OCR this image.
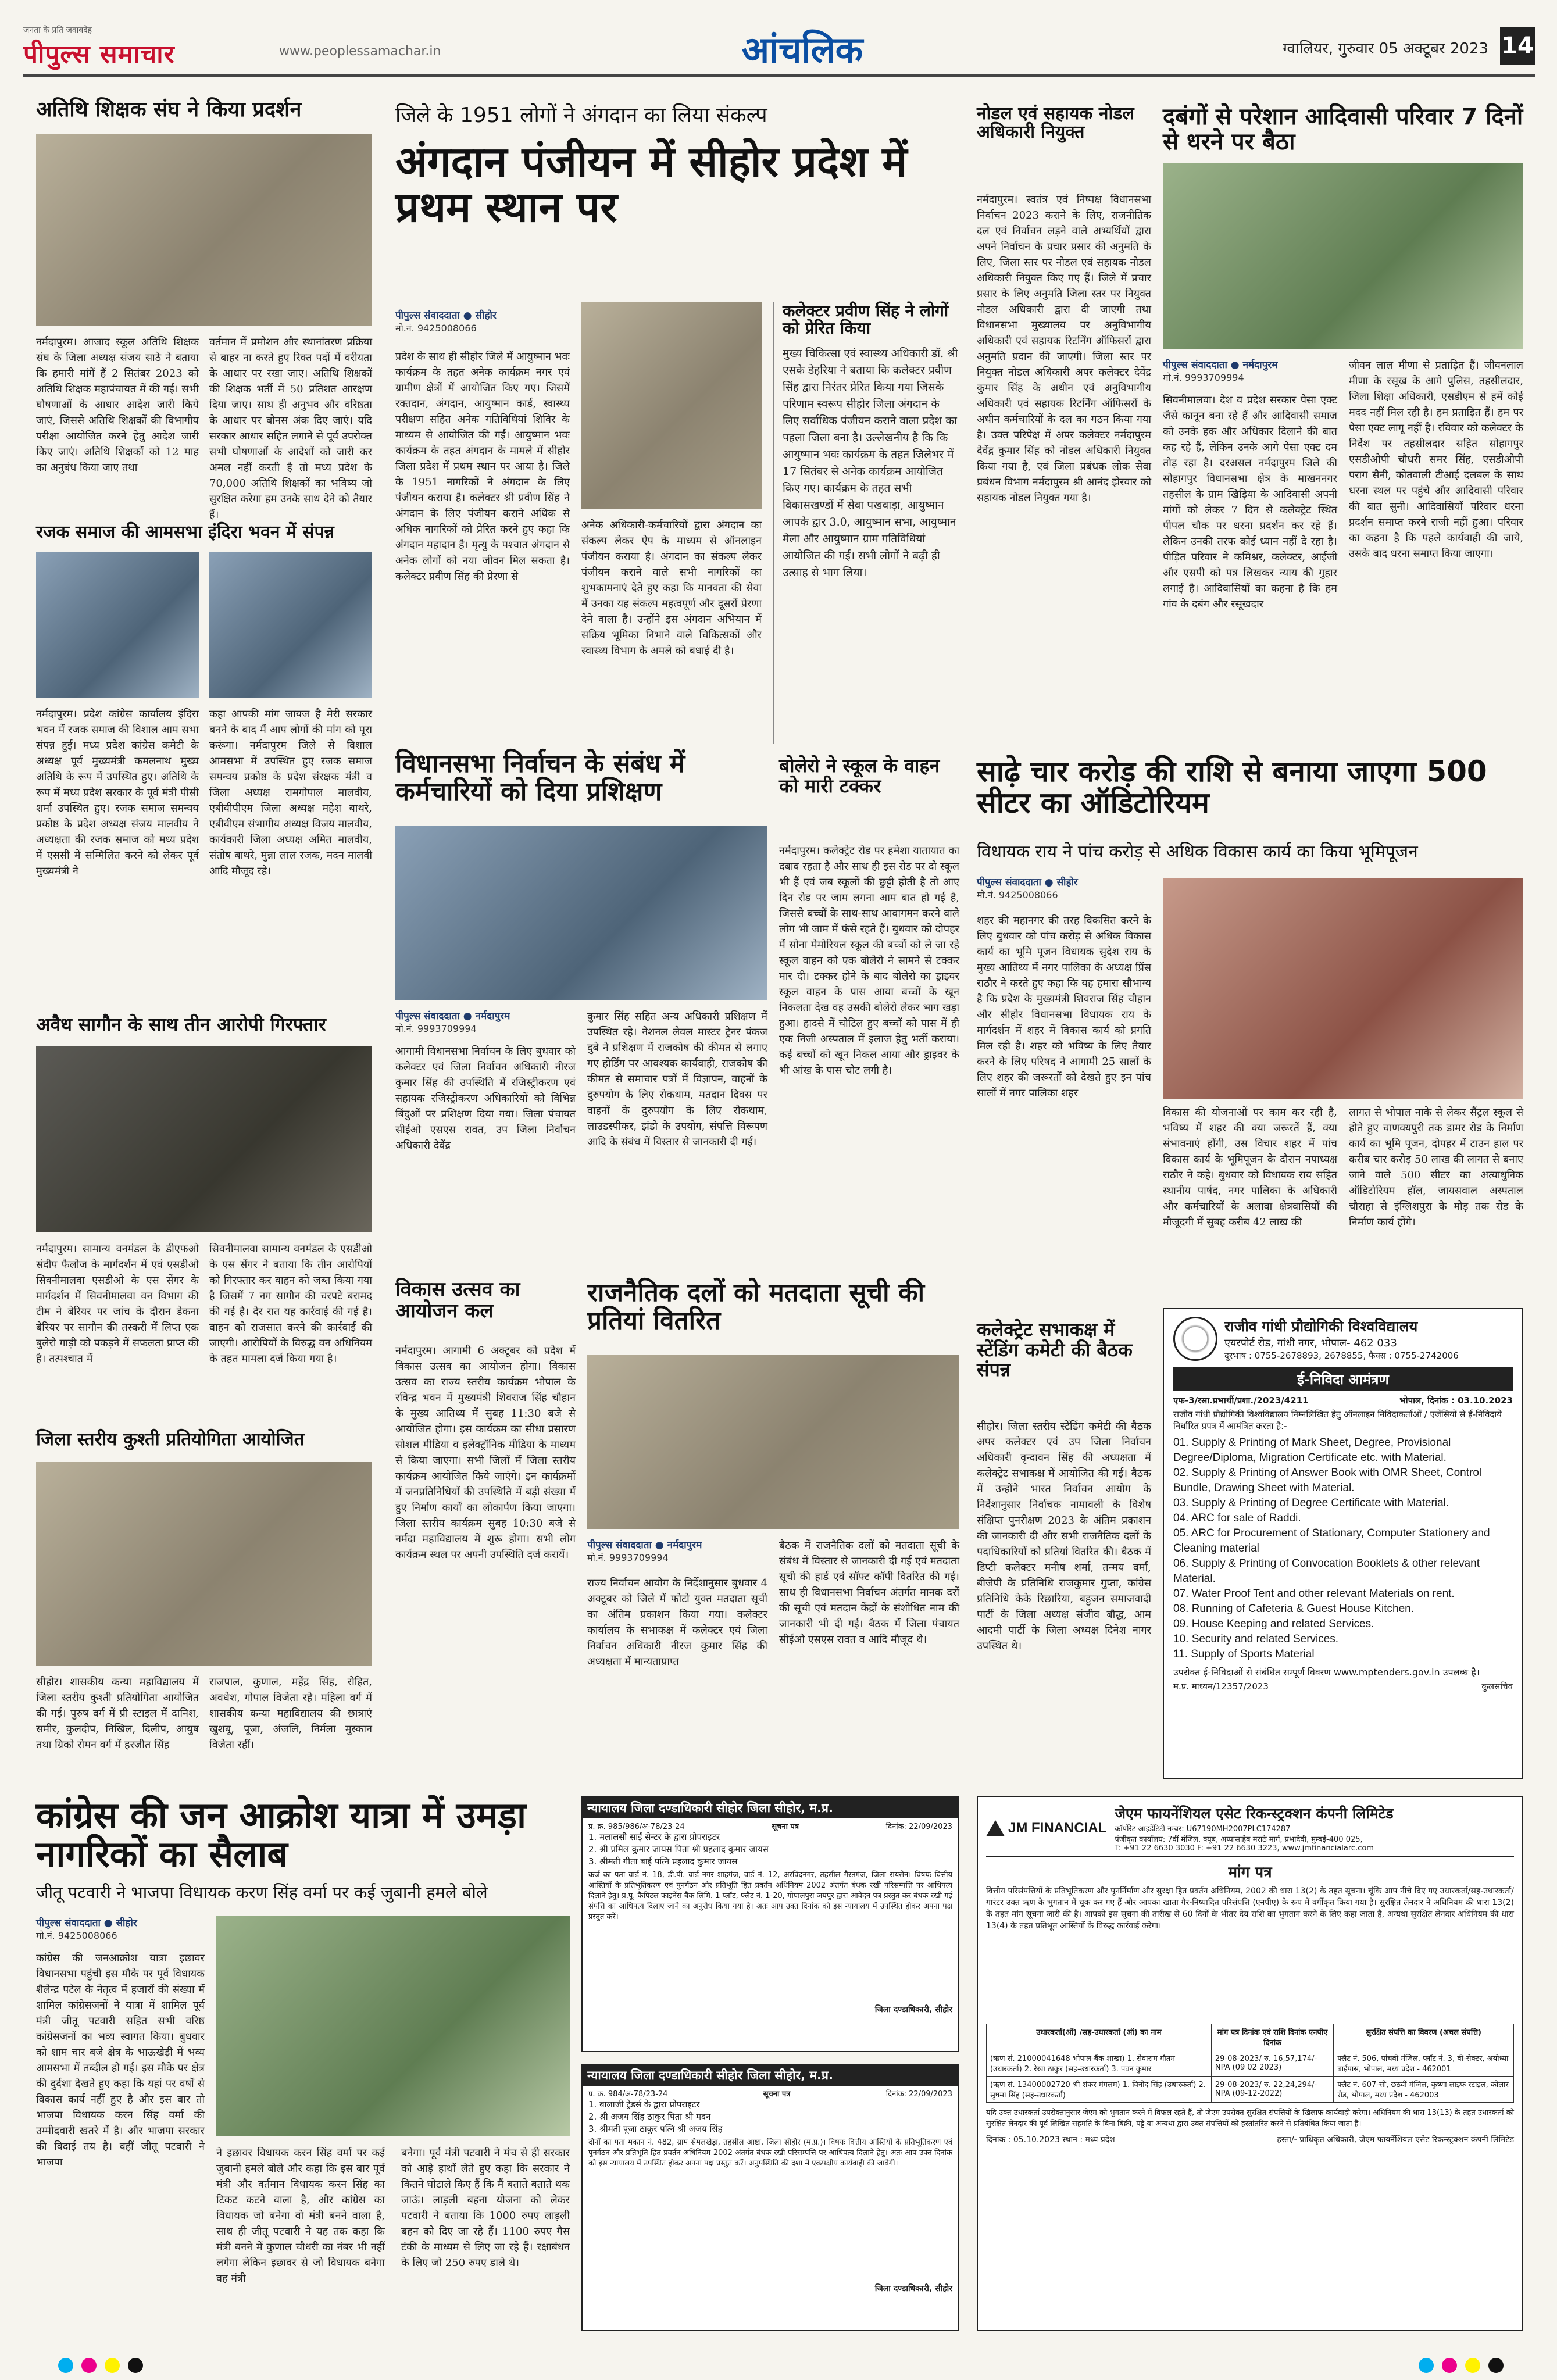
जनता के प्रति जवाबदेह
पीपुल्स समाचार	www.peoplessamachar.in	आंचलिक	ग्वालियर, गुरुवार 05 अक्टूबर 2023 14
अतिथि शिक्षक संघ ने किया प्रदर्शन
नर्मदापुरम। आजाद स्कूल अतिथि शिक्षक संघ के जिला अध्यक्ष संजय साठे ने बताया कि हमारी मांगें हैं 2 सितंबर 2023 को अतिथि शिक्षक महापंचायत में की गई। सभी घोषणाओं के आधार आदेश जारी किये जाएं, जिससे अतिथि शिक्षकों की विभागीय परीक्षा आयोजित करने हेतु आदेश जारी किए जाएं। अतिथि शिक्षकों को 12 माह का अनुबंध किया जाए तथा
वर्तमान में प्रमोशन और स्थानांतरण प्रक्रिया से बाहर ना करते हुए रिक्त पदों में वरीयता के आधार पर रखा जाए। अतिथि शिक्षकों की शिक्षक भर्ती में 50 प्रतिशत आरक्षण दिया जाए। साथ ही अनुभव और वरिष्ठता के आधार पर बोनस अंक दिए जाएं। यदि सरकार आधार सहित लगाने से पूर्व उपरोक्त सभी घोषणाओं के आदेशों को जारी कर अमल नहीं करती है तो मध्य प्रदेश के 70,000 अतिथि शिक्षकों का भविष्य जो सुरक्षित करेगा हम उनके साथ देने को तैयार हैं।
रजक समाज की आमसभा इंदिरा भवन में संपन्न
नर्मदापुरम। प्रदेश कांग्रेस कार्यालय इंदिरा भवन में रजक समाज की विशाल आम सभा संपन्न हुई। मध्य प्रदेश कांग्रेस कमेटी के अध्यक्ष पूर्व मुख्यमंत्री कमलनाथ मुख्य अतिथि के रूप में उपस्थित हुए। अतिथि के रूप में मध्य प्रदेश सरकार के पूर्व मंत्री पीसी शर्मा उपस्थित हुए। रजक समाज समन्वय प्रकोष्ठ के प्रदेश अध्यक्ष संजय मालवीय ने अध्यक्षता की रजक समाज को मध्य प्रदेश में एससी में सम्मिलित करने को लेकर पूर्व मुख्यमंत्री ने
कहा आपकी मांग जायज है मेरी सरकार बनने के बाद मैं आप लोगों की मांग को पूरा करूंगा। नर्मदापुरम जिले से विशाल आमसभा में उपस्थित हुए रजक समाज समन्वय प्रकोष्ठ के प्रदेश संरक्षक मंत्री व जिला अध्यक्ष रामगोपाल मालवीय, एबीवीपीएम जिला अध्यक्ष महेश बाथरे, एबीवीएम संभागीय अध्यक्ष विजय मालवीय, कार्यकारी जिला अध्यक्ष अमित मालवीय, संतोष बाथरे, मुन्ना लाल रजक, मदन मालवी आदि मौजूद रहे।
अवैध सागौन के साथ तीन आरोपी गिरफ्तार
नर्मदापुरम। सामान्य वनमंडल के डीएफओ संदीप फैलोज के मार्गदर्शन में एवं एसडीओ सिवनीमालवा एसडीओ के एस सेंगर के मार्गदर्शन में सिवनीमालवा वन विभाग की टीम ने बेरियर पर जांच के दौरान डेकना बेरियर पर सागौन की तस्करी में लिप्त एक बुलेरो गाड़ी को पकड़ने में सफलता प्राप्त की है। तत्पश्चात में
सिवनीमालवा सामान्य वनमंडल के एसडीओ के एस सेंगर ने बताया कि तीन आरोपियों को गिरफ्तार कर वाहन को जब्त किया गया है जिसमें 7 नग सागौन की चरपटे बरामद की गई है। देर रात यह कार्रवाई की गई है। वाहन को राजसात करने की कार्रवाई की जाएगी। आरोपियों के विरुद्ध वन अधिनियम के तहत मामला दर्ज किया गया है।
जिला स्तरीय कुश्ती प्रतियोगिता आयोजित
सीहोर। शासकीय कन्या महाविद्यालय में जिला स्तरीय कुश्ती प्रतियोगिता आयोजित की गई। पुरुष वर्ग में प्री स्टाइल में दानिश, समीर, कुलदीप, निखिल, दिलीप, आयुष तथा ग्रिको रोमन वर्ग में हरजीत सिंह
राजपाल, कुणाल, महेंद्र सिंह, रोहित, अवधेश, गोपाल विजेता रहे। महिला वर्ग में शासकीय कन्या महाविद्यालय की छात्राएं खुशबू, पूजा, अंजलि, निर्मला मुस्कान विजेता रहीं।
जिले के 1951 लोगों ने अंगदान का लिया संकल्प
अंगदान पंजीयन में सीहोर प्रदेश में प्रथम स्थान पर
पीपुल्स संवाददाता ● सीहोर
मो.नं. 9425008066
प्रदेश के साथ ही सीहोर जिले में आयुष्मान भवः कार्यक्रम के तहत अनेक कार्यक्रम नगर एवं ग्रामीण क्षेत्रों में आयोजित किए गए। जिसमें रक्तदान, अंगदान, आयुष्मान कार्ड, स्वास्थ्य परीक्षण सहित अनेक गतिविधियां शिविर के माध्यम से आयोजित की गईं। आयुष्मान भवः कार्यक्रम के तहत अंगदान के मामले में सीहोर जिला प्रदेश में प्रथम स्थान पर आया है। जिले के 1951 नागरिकों ने अंगदान के लिए पंजीयन कराया है। कलेक्टर श्री प्रवीण सिंह ने अंगदान के लिए पंजीयन कराने अधिक से अधिक नागरिकों को प्रेरित करने हुए कहा कि अंगदान महादान है। मृत्यु के पश्चात अंगदान से अनेक लोगों को नया जीवन मिल सकता है। कलेक्टर प्रवीण सिंह की प्रेरणा से
अनेक अधिकारी-कर्मचारियों द्वारा अंगदान का संकल्प लेकर ऐप के माध्यम से ऑनलाइन पंजीयन कराया है। अंगदान का संकल्प लेकर पंजीयन कराने वाले सभी नागरिकों का शुभकामनाएं देते हुए कहा कि मानवता की सेवा में उनका यह संकल्प महत्वपूर्ण और दूसरों प्रेरणा देने वाला है। उन्होंने इस अंगदान अभियान में सक्रिय भूमिका निभाने वाले चिकित्सकों और स्वास्थ्य विभाग के अमले को बधाई दी है।
कलेक्टर प्रवीण सिंह ने लोगों को प्रेरित किया
मुख्य चिकित्सा एवं स्वास्थ्य अधिकारी डॉ. श्री एसके डेहरिया ने बताया कि कलेक्टर प्रवीण सिंह द्वारा निरंतर प्रेरित किया गया जिसके परिणाम स्वरूप सीहोर जिला अंगदान के लिए सर्वाधिक पंजीयन कराने वाला प्रदेश का पहला जिला बना है। उल्लेखनीय है कि कि आयुष्मान भवः कार्यक्रम के तहत जिलेभर में 17 सितंबर से अनेक कार्यक्रम आयोजित किए गए। कार्यक्रम के तहत सभी विकासखण्डों में सेवा पखवाड़ा, आयुष्मान आपके द्वार 3.0, आयुष्मान सभा, आयुष्मान मेला और आयुष्मान ग्राम गतिविधियां आयोजित की गईं। सभी लोगों ने बढ़ी ही उत्साह से भाग लिया।
विधानसभा निर्वाचन के संबंध में कर्मचारियों को दिया प्रशिक्षण
पीपुल्स संवाददाता ● नर्मदापुरम
मो.नं. 9993709994
आगामी विधानसभा निर्वाचन के लिए बुधवार को कलेक्टर एवं जिला निर्वाचन अधिकारी नीरज कुमार सिंह की उपस्थिति में रजिस्ट्रीकरण एवं सहायक रजिस्ट्रीकरण अधिकारियों को विभिन्न बिंदुओं पर प्रशिक्षण दिया गया। जिला पंचायत सीईओ एसएस रावत, उप जिला निर्वाचन अधिकारी देवेंद्र
कुमार सिंह सहित अन्य अधिकारी प्रशिक्षण में उपस्थित रहे। नेशनल लेवल मास्टर ट्रेनर पंकज दुबे ने प्रशिक्षण में राजकोष की कीमत से लगाए गए होर्डिंग पर आवश्यक कार्यवाही, राजकोष की कीमत से समाचार पत्रों में विज्ञापन, वाहनों के दुरुपयोग के लिए रोकथाम, मतदान दिवस पर वाहनों के दुरुपयोग के लिए रोकथाम, लाउडस्पीकर, झंडो के उपयोग, संपत्ति विरूपण आदि के संबंध में विस्तार से जानकारी दी गई।
विकास उत्सव का आयोजन कल
नर्मदापुरम। आगामी 6 अक्टूबर को प्रदेश में विकास उत्सव का आयोजन होगा। विकास उत्सव का राज्य स्तरीय कार्यक्रम भोपाल के रविन्द्र भवन में मुख्यमंत्री शिवराज सिंह चौहान के मुख्य आतिथ्य में सुबह 11:30 बजे से आयोजित होगा। इस कार्यक्रम का सीधा प्रसारण सोशल मीडिया व इलेक्ट्रॉनिक मीडिया के माध्यम से किया जाएगा। सभी जिलों में जिला स्तरीय कार्यक्रम आयोजित किये जाएंगे। इन कार्यक्रमों में जनप्रतिनिधियों की उपस्थिति में बड़ी संख्या में हुए निर्माण कार्यों का लोकार्पण किया जाएगा। जिला स्तरीय कार्यक्रम सुबह 10:30 बजे से नर्मदा महाविद्यालय में शुरू होगा। सभी लोग कार्यक्रम स्थल पर अपनी उपस्थिति दर्ज करायें।
बोलेरो ने स्कूल के वाहन को मारी टक्कर
नर्मदापुरम। कलेक्ट्रेट रोड पर हमेशा यातायात का दबाव रहता है और साथ ही इस रोड पर दो स्कूल भी हैं एवं जब स्कूलों की छुट्टी होती है तो आए दिन रोड पर जाम लगना आम बात हो गई है, जिससे बच्चों के साथ-साथ आवागमन करने वाले लोग भी जाम में फंसे रहते हैं। बुधवार को दोपहर में सोना मेमोरियल स्कूल की बच्चों को ले जा रहे स्कूल वाहन को एक बोलेरो ने सामने से टक्कर मार दी। टक्कर होने के बाद बोलेरो का ड्राइवर स्कूल वाहन के पास आया बच्चों के खून निकलता देख वह उसकी बोलेरो लेकर भाग खड़ा हुआ। हादसे में चोटिल हुए बच्चों को पास में ही एक निजी अस्पताल में इलाज हेतु भर्ती कराया। कई बच्चों को खून निकल आया और ड्राइवर के भी आंख के पास चोट लगी है।
राजनैतिक दलों को मतदाता सूची की प्रतियां वितरित
पीपुल्स संवाददाता ● नर्मदापुरम
मो.नं. 9993709994
राज्य निर्वाचन आयोग के निर्देशानुसार बुधवार 4 अक्टूबर को जिले में फोटो युक्त मतदाता सूची का अंतिम प्रकाशन किया गया। कलेक्टर कार्यालय के सभाकक्ष में कलेक्टर एवं जिला निर्वाचन अधिकारी नीरज कुमार सिंह की अध्यक्षता में मान्यताप्राप्त
बैठक में राजनैतिक दलों को मतदाता सूची के संबंध में विस्तार से जानकारी दी गई एवं मतदाता सूची की हार्ड एवं सॉफ्ट कॉपी वितरित की गई। साथ ही विधानसभा निर्वाचन अंतर्गत मानक दरों की सूची एवं मतदान केंद्रों के संशोधित नाम की जानकारी भी दी गई। बैठक में जिला पंचायत सीईओ एसएस रावत व आदि मौजूद थे।
नोडल एवं सहायक नोडल अधिकारी नियुक्त
नर्मदापुरम। स्वतंत्र एवं निष्पक्ष विधानसभा निर्वाचन 2023 कराने के लिए, राजनीतिक दल एवं निर्वाचन लड़ने वाले अभ्यर्थियों द्वारा अपने निर्वाचन के प्रचार प्रसार की अनुमति के लिए, जिला स्तर पर नोडल एवं सहायक नोडल अधिकारी नियुक्त किए गए हैं। जिले में प्रचार प्रसार के लिए अनुमति जिला स्तर पर नियुक्त नोडल अधिकारी द्वारा दी जाएगी तथा विधानसभा मुख्यालय पर अनुविभागीय अधिकारी एवं सहायक रिटर्निंग ऑफिसरों द्वारा अनुमति प्रदान की जाएगी। जिला स्तर पर नियुक्त नोडल अधिकारी अपर कलेक्टर देवेंद्र कुमार सिंह के अधीन एवं अनुविभागीय अधिकारी एवं सहायक रिटर्निंग ऑफिसरों के अधीन कर्मचारियों के दल का गठन किया गया है। उक्त परिपेक्ष में अपर कलेक्टर नर्मदापुरम देवेंद्र कुमार सिंह को नोडल अधिकारी नियुक्त किया गया है, एवं जिला प्रबंधक लोक सेवा प्रबंधन विभाग नर्मदापुरम श्री आनंद झेरवार को सहायक नोडल नियुक्त गया है।
दबंगों से परेशान आदिवासी परिवार 7 दिनों से धरने पर बैठा
पीपुल्स संवाददाता ● नर्मदापुरम
मो.नं. 9993709994
सिवनीमालवा। देश व प्रदेश सरकार पेसा एक्ट जैसे कानून बना रहे हैं और आदिवासी समाज को उनके हक और अधिकार दिलाने की बात कह रहे हैं, लेकिन उनके आगे पेसा एक्ट दम तोड़ रहा है। दरअसल नर्मदापुरम जिले की सोहागपुर विधानसभा क्षेत्र के माखननगर तहसील के ग्राम खिड़िया के आदिवासी अपनी मांगों को लेकर 7 दिन से कलेक्ट्रेट स्थित पीपल चौक पर धरना प्रदर्शन कर रहे हैं। लेकिन उनकी तरफ कोई ध्यान नहीं दे रहा है। पीड़ित परिवार ने कमिश्नर, कलेक्टर, आईजी और एसपी को पत्र लिखकर न्याय की गुहार लगाई है। आदिवासियों का कहना है कि हम गांव के दबंग और रसूखदार
जीवन लाल मीणा से प्रताड़ित हैं। जीवनलाल मीणा के रसूख के आगे पुलिस, तहसीलदार, जिला शिक्षा अधिकारी, एसडीएम से हमें कोई मदद नहीं मिल रही है। हम प्रताड़ित हैं। हम पर पेसा एक्ट लागू नहीं है। रविवार को कलेक्टर के निर्देश पर तहसीलदार सहित सोहागपुर एसडीओपी चौधरी समर सिंह, एसडीओपी पराग सैनी, कोतवाली टीआई दलबल के साथ धरना स्थल पर पहुंचे और आदिवासी परिवार की बात सुनी। आदिवासियों परिवार धरना प्रदर्शन समाप्त करने राजी नहीं हुआ। परिवार का कहना है कि पहले कार्यवाही की जाये, उसके बाद धरना समाप्त किया जाएगा।
साढ़े चार करोड़ की राशि से बनाया जाएगा 500 सीटर का ऑडिटोरियम
विधायक राय ने पांच करोड़ से अधिक विकास कार्य का किया भूमिपूजन
पीपुल्स संवाददाता ● सीहोर
मो.नं. 9425008066
शहर की महानगर की तरह विकसित करने के लिए बुधवार को पांच करोड़ से अधिक विकास कार्य का भूमि पूजन विधायक सुदेश राय के मुख्य आतिथ्य में नगर पालिका के अध्यक्ष प्रिंस राठौर ने करते हुए कहा कि यह हमारा सौभाग्य है कि प्रदेश के मुख्यमंत्री शिवराज सिंह चौहान और सीहोर विधानसभा विधायक राय के मार्गदर्शन में शहर में विकास कार्य को प्रगति मिल रही है। शहर को भविष्य के लिए तैयार करने के लिए परिषद ने आगामी 25 सालों के लिए शहर की जरूरतों को देखते हुए इन पांच सालों में नगर पालिका शहर
विकास की योजनाओं पर काम कर रही है, भविष्य में शहर की क्या जरूरतें हैं, क्या संभावनाएं होंगी, उस विचार शहर में पांच विकास कार्य के भूमिपूजन के दौरान नपाध्यक्ष राठौर ने कहे। बुधवार को विधायक राय सहित स्थानीय पार्षद, नगर पालिका के अधिकारी और कर्मचारियों के अलावा क्षेत्रवासियों की मौजूदगी में सुबह करीब 42 लाख की
लागत से भोपाल नाके से लेकर सैंट्रल स्कूल से होते हुए चाणक्यपुरी तक डामर रोड के निर्माण कार्य का भूमि पूजन, दोपहर में टाउन हाल पर करीब चार करोड़ 50 लाख की लागत से बनाए जाने वाले 500 सीटर का अत्याधुनिक ऑडिटोरियम हॉल, जायसवाल अस्पताल चौराहा से इंग्लिशपुरा के मोड़ तक रोड के निर्माण कार्य होंगे।
कलेक्ट्रेट सभाकक्ष में स्टेंडिंग कमेटी की बैठक संपन्न
सीहोर। जिला स्तरीय स्टेंडिंग कमेटी की बैठक अपर कलेक्टर एवं उप जिला निर्वाचन अधिकारी वृन्दावन सिंह की अध्यक्षता में कलेक्ट्रेट सभाकक्ष में आयोजित की गई। बैठक में उन्होंने भारत निर्वाचन आयोग के निर्देशानुसार निर्वाचक नामावली के विशेष संक्षिप्त पुनरीक्षण 2023 के अंतिम प्रकाशन की जानकारी दी और सभी राजनैतिक दलों के पदाधिकारियों को प्रतियां वितरित की। बैठक में डिप्टी कलेक्टर मनीष शर्मा, तन्मय वर्मा, बीजेपी के प्रतिनिधि राजकुमार गुप्ता, कांग्रेस प्रतिनिधि केके रिछारिया, बहुजन समाजवादी पार्टी के जिला अध्यक्ष संजीव बौद्ध, आम आदमी पार्टी के जिला अध्यक्ष दिनेश नागर उपस्थित थे।
राजीव गांधी प्रौद्योगिकी विश्वविद्यालय
एयरपोर्ट रोड, गांधी नगर, भोपाल- 462 033
दूरभाष : 0755-2678893, 2678855, फैक्स : 0755-2742006
ई-निविदा आमंत्रण
एफ-3/रसा.प्रभार्थी/प्रशा./2023/4211	भोपाल, दिनांक : 03.10.2023
राजीव गांधी प्रौद्योगिकी विश्वविद्यालय निम्नलिखित हेतु ऑनलाइन निविदाकर्ताओं / एजेंसियों से ई-निविदाये निर्धारित प्रपत्र में आमंत्रित करता है:-
01. Supply & Printing of Mark Sheet, Degree, Provisional Degree/Diploma, Migration Certificate etc. with Material.
02. Supply & Printing of Answer Book with OMR Sheet, Control Bundle, Drawing Sheet with Material.
03. Supply & Printing of Degree Certificate with Material.
04. ARC for sale of Raddi.
05. ARC for Procurement of Stationary, Computer Stationery and Cleaning material
06. Supply & Printing of Convocation Booklets & other relevant Material.
07. Water Proof Tent and other relevant Materials on rent.
08. Running of Cafeteria & Guest House Kitchen.
09. House Keeping and related Services.
10. Security and related Services.
11. Supply of Sports Material
उपरोक्त ई-निविदाओं से संबंधित सम्पूर्ण विवरण www.mptenders.gov.in उपलब्ध है।
म.प्र. माध्यम/12357/2023	कुलसचिव
कांग्रेस की जन आक्रोश यात्रा में उमड़ा नागरिकों का सैलाब
जीतू पटवारी ने भाजपा विधायक करण सिंह वर्मा पर कई जुबानी हमले बोले
पीपुल्स संवाददाता ● सीहोर
मो.नं. 9425008066
कांग्रेस की जनआक्रोश यात्रा इछावर विधानसभा पहुंची इस मौके पर पूर्व विधायक शैलेन्द्र पटेल के नेतृत्व में हजारों की संख्या में शामिल कांग्रेसजनों ने यात्रा में शामिल पूर्व मंत्री जीतू पटवारी सहित सभी वरिष्ठ कांग्रेसजनों का भव्य स्वागत किया। बुधवार को शाम चार बजे क्षेत्र के भाऊखेड़ी में भव्य आमसभा में तब्दील हो गई। इस मौके पर क्षेत्र की दुर्दशा देखते हुए कहा कि यहां पर वर्षों से विकास कार्य नहीं हुए है और इस बार तो भाजपा विधायक करन सिंह वर्मा की उम्मीदवारी खतरे में है। और भाजपा सरकार की विदाई तय है। वहीं जीतू पटवारी ने भाजपा
ने इछावर विधायक करन सिंह वर्मा पर कई जुबानी हमले बोले और कहा कि इस बार पूर्व मंत्री और वर्तमान विधायक करन सिंह का टिकट कटने वाला है, और कांग्रेस का विधायक जो बनेगा वो मंत्री बनने वाला है, साथ ही जीतू पटवारी ने यह तक कहा कि मंत्री बनने में कुणाल चौधरी का नंबर भी नहीं लगेगा लेकिन इछावर से जो विधायक बनेगा वह मंत्री
बनेगा। पूर्व मंत्री पटवारी ने मंच से ही सरकार को आड़े हाथों लेते हुए कहा कि सरकार ने कितने घोटाले किए हैं कि मैं बताते बताते थक जाऊं। लाड़ली बहना योजना को लेकर पटवारी ने बताया कि 1000 रुपए लाड़ली बहन को दिए जा रहे हैं। 1100 रुपए गैस टंकी के माध्यम से लिए जा रहे हैं। रक्षाबंधन के लिए जो 250 रुपए डाले थे।
न्यायालय जिला दण्डाधिकारी सीहोर जिला सीहोर, म.प्र.
प्र. क्र. 985/986/अ-78/23-24	सूचना पत्र	दिनांक: 22/09/2023
1. मलालसी साईं सेन्टर के द्वारा प्रोपराइटर
2. श्री प्रमिल कुमार जायस पिता श्री प्रहलाद कुमार जायस
3. श्रीमती गीता बाई पत्नि प्रहलाद कुमार जायस
कर्ज का पता वार्ड नं. 18, डी.पी. वार्ड नगर शाहगंज, वार्ड नं. 12, अरविंदनगर, तहसील गैरतगंज, जिला रायसेन। विषयः वित्तीय आस्तियों के प्रतिभूतिकरण एवं पुनर्गठन और प्रतिभूति हित प्रवर्तन अधिनियम 2002 अंतर्गत बंधक रखी परिसम्पत्ति पर आधिपत्य दिलाने हेतु। प्र.पू. कैपिटल फाइनेंस बैंक लिमि. 1 प्लॉट, फ्लैट नं. 1-20, गोपालपुरा जयपुर द्वारा आवेदन पत्र प्रस्तुत कर बंधक रखी गई संपत्ति का आधिपत्य दिलाए जाने का अनुरोध किया गया है। अतः आप उक्त दिनांक को इस न्यायालय में उपस्थित होकर अपना पक्ष प्रस्तुत करें।
जिला दण्डाधिकारी, सीहोर
न्यायालय जिला दण्डाधिकारी सीहोर जिला सीहोर, म.प्र.
प्र. क्र. 984/अ-78/23-24	सूचना पत्र	दिनांक: 22/09/2023
1. बालाजी ट्रेडर्स के द्वारा प्रोपराइटर
2. श्री अजय सिंह ठाकुर पिता श्री मदन
3. श्रीमती पूजा ठाकुर पत्नि श्री अजय सिंह
दोनों का पता मकान नं. 482, ग्राम सेमलखेड़ा, तहसील आष्टा, जिला सीहोर (म.प्र.)। विषयः वित्तीय आस्तियों के प्रतिभूतिकरण एवं पुनर्गठन और प्रतिभूति हित प्रवर्तन अधिनियम 2002 अंतर्गत बंधक रखी परिसम्पत्ति पर आधिपत्य दिलाने हेतु। अतः आप उक्त दिनांक को इस न्यायालय में उपस्थित होकर अपना पक्ष प्रस्तुत करें। अनुपस्थिति की दशा में एकपक्षीय कार्यवाही की जावेगी।
जिला दण्डाधिकारी, सीहोर
JM FINANCIAL
जेएम फायनेंशियल एसेट रिकन्स्ट्रक्शन कंपनी लिमिटेड
कॉर्पोरेट आइडेंटिटी नम्बर: U67190MH2007PLC174287
पंजीकृत कार्यालय: 7वीं मंजिल, क्यूब, अप्पासाहेब मराठे मार्ग, प्रभादेवी, मुम्बई-400 025,
T: +91 22 6630 3030 F: +91 22 6630 3223, www.jmfinancialarc.com
मांग पत्र
वित्तीय परिसंपत्तियों के प्रतिभूतिकरण और पुनर्निर्माण और सुरक्षा हित प्रवर्तन अधिनियम, 2002 की धारा 13(2) के तहत सूचना। चूंकि आप नीचे दिए गए उधारकर्ता/सह-उधारकर्ता/गारंटर उक्त ऋण के भुगतान में चूक कर गए हैं और आपका खाता गैर-निष्पादित परिसंपत्ति (एनपीए) के रूप में वर्गीकृत किया गया है। सुरक्षित लेनदार ने अधिनियम की धारा 13(2) के तहत मांग सूचना जारी की है। आपको इस सूचना की तारीख से 60 दिनों के भीतर देय राशि का भुगतान करने के लिए कहा जाता है, अन्यथा सुरक्षित लेनदार अधिनियम की धारा 13(4) के तहत प्रतिभूत आस्तियों के विरुद्ध कार्रवाई करेगा।
उधारकर्ता(ओं) /सह-उधारकर्ता (ऑ) का नाम	मांग पत्र दिनांक एवं राशि दिनांक एनपीए दिनांक	सुरक्षित संपत्ति का विवरण (अचल संपत्ति)
(ऋण सं. 21000041648 भोपाल-बैंक शाखा) 1. सेवाराम गौतम (उधारकर्ता) 2. रेखा ठाकुर (सह-उधारकर्ता) 3. पवन कुमार	29-08-2023/ रु. 16,57,174/- NPA (09 02 2023)	फ्लैट नं. 506, पांचवी मंजिल, प्लॉट नं. 3, बी-सेक्टर, अयोध्या बाईपास, भोपाल, मध्य प्रदेश - 462001
(ऋण सं. 13400002720 श्री शंकर मंगलम) 1. विनोद सिंह (उधारकर्ता) 2. सुषमा सिंह (सह-उधारकर्ता)	29-08-2023/ रु. 22,24,294/- NPA (09-12-2022)	फ्लैट नं. 607-सी, छठवीं मंजिल, कृष्णा लाइफ स्टाइल, कोलार रोड, भोपाल, मध्य प्रदेश - 462003
यदि उक्त उधारकर्ता उपरोक्तानुसार जेएम को भुगतान करने में विफल रहते हैं, तो जेएम उपरोक्त सुरक्षित संपत्तियों के खिलाफ कार्यवाही करेगा। अधिनियम की धारा 13(13) के तहत उधारकर्ता को सुरक्षित लेनदार की पूर्व लिखित सहमति के बिना बिक्री, पट्टे या अन्यथा द्वारा उक्त संपत्तियों को हस्तांतरित करने से प्रतिबंधित किया जाता है।
दिनांक : 05.10.2023 स्थान : मध्य प्रदेश	हस्ता/- प्राधिकृत अधिकारी, जेएम फायनेंशियल एसेट रिकन्स्ट्रक्शन कंपनी लिमिटेड
